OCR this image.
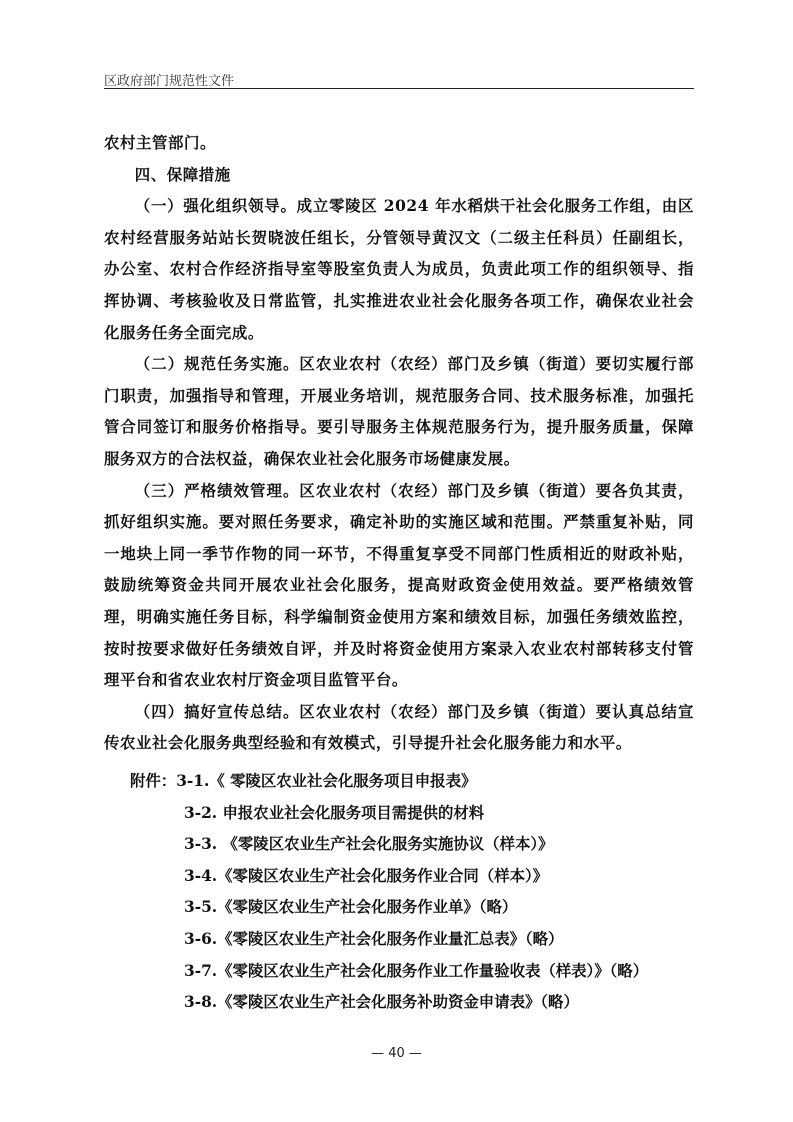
区政府部门规范性文件

农村主管部门。

四、保障措施

（一）强化组织领导。成立零陵区 2024 年水稻烘干社会化服务工作组，由区农村经营服务站站长贺晓波任组长，分管领导黄汉文（二级主任科员）任副组长，办公室、农村合作经济指导室等股室负责人为成员，负责此项工作的组织领导、指挥协调、考核验收及日常监管，扎实推进农业社会化服务各项工作，确保农业社会化服务任务全面完成。

（二）规范任务实施。区农业农村（农经）部门及乡镇（街道）要切实履行部门职责，加强指导和管理，开展业务培训，规范服务合同、技术服务标准，加强托管合同签订和服务价格指导。要引导服务主体规范服务行为，提升服务质量，保障服务双方的合法权益，确保农业社会化服务市场健康发展。

（三）严格绩效管理。区农业农村（农经）部门及乡镇（街道）要各负其责，抓好组织实施。要对照任务要求，确定补助的实施区域和范围。严禁重复补贴，同一地块上同一季节作物的同一环节，不得重复享受不同部门性质相近的财政补贴，鼓励统筹资金共同开展农业社会化服务，提高财政资金使用效益。要严格绩效管理，明确实施任务目标，科学编制资金使用方案和绩效目标，加强任务绩效监控，按时按要求做好任务绩效自评，并及时将资金使用方案录入农业农村部转移支付管理平台和省农业农村厅资金项目监管平台。

（四）搞好宣传总结。区农业农村（农经）部门及乡镇（街道）要认真总结宣传农业社会化服务典型经验和有效模式，引导提升社会化服务能力和水平。

附件：3-1.《 零陵区农业社会化服务项目申报表》
3-2. 申报农业社会化服务项目需提供的材料
3-3. 《零陵区农业生产社会化服务实施协议（样本）》
3-4.《零陵区农业生产社会化服务作业合同（样本）》
3-5.《零陵区农业生产社会化服务作业单》（略）
3-6.《零陵区农业生产社会化服务作业量汇总表》（略）
3-7.《零陵区农业生产社会化服务作业工作量验收表（样表）》（略）
3-8.《零陵区农业生产社会化服务补助资金申请表》（略）
— 40 —
